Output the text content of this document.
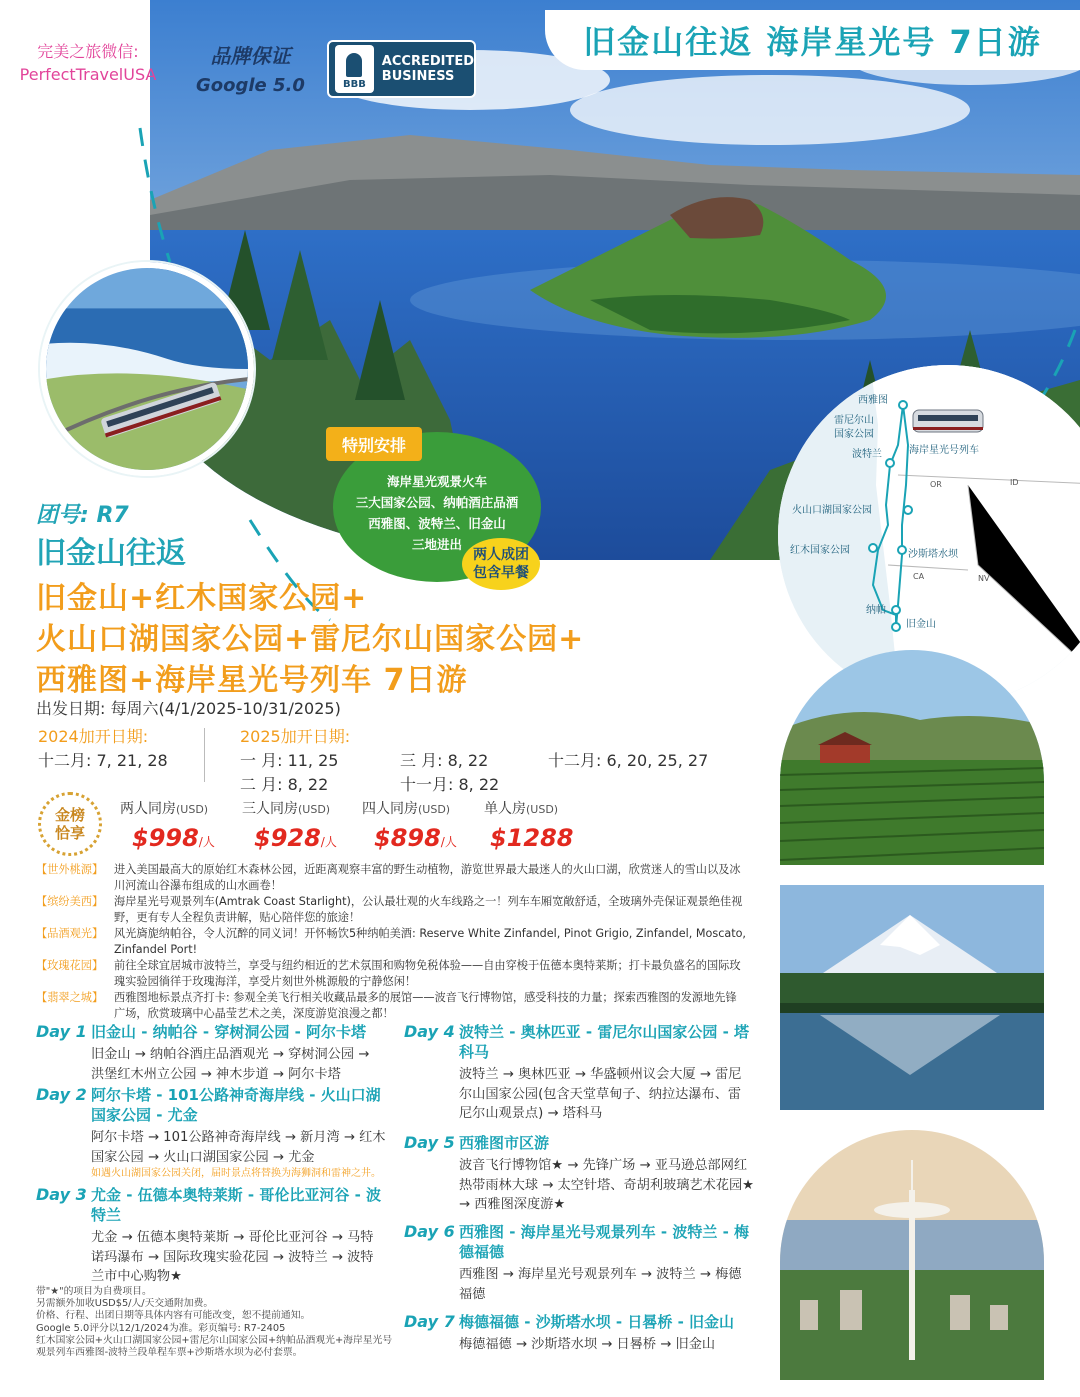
旧金山往返 海岸星光号 7日游
完美之旅微信:
PerfectTravelUSA
品牌保证
Google 5.0	BBB
ACCREDITED
BUSINESS
特别安排
海岸星光观景火车
三大国家公园、纳帕酒庄品酒
西雅图、波特兰、旧金山
三地进出
两人成团
包含早餐
OR	ID
CA	NV
西雅图
雷尼尔山
国家公园
波特兰	海岸星光号列车
火山口湖国家公园
红木国家公园	沙斯塔水坝
纳帕
旧金山
团号: R7
旧金山往返
旧金山+红木国家公园+
火山口湖国家公园+雷尼尔山国家公园+
西雅图+海岸星光号列车 7日游
出发日期: 每周六(4/1/2025-10/31/2025)
2024加开日期:
十二月: 7, 21, 28
2025加开日期:
一 月: 11, 25	三 月: 8, 22	十二月: 6, 20, 25, 27
二 月: 8, 22	十一月: 8, 22
金榜
恰享
两人同房(USD)
$998/人
三人同房(USD)
$928/人
四人同房(USD)
$898/人
单人房(USD)
$1288
【世外桃源】 进入美国最高大的原始红木森林公园，近距离观察丰富的野生动植物，游览世界最大最迷人的火山口湖，欣赏迷人的雪山以及冰川河流山谷瀑布组成的山水画卷！
【缤纷美西】 海岸星光号观景列车(Amtrak Coast Starlight)，公认最壮观的火车线路之一！列车车厢宽敞舒适，全玻璃外壳保证观景绝佳视野，更有专人全程负责讲解，贴心陪伴您的旅途！
【品酒观光】 风光旖旎纳帕谷，令人沉醉的同义词！开怀畅饮5种纳帕美酒: Reserve White Zinfandel, Pinot Grigio, Zinfandel, Moscato, Zinfandel Port!
【玫瑰花园】 前往全球宜居城市波特兰，享受与纽约相近的艺术氛围和购物免税体验——自由穿梭于伍德本奥特莱斯；打卡最负盛名的国际玫瑰实验园徜徉于玫瑰海洋，享受片刻世外桃源般的宁静悠闲！
【翡翠之城】 西雅图地标景点齐打卡: 参观全美飞行相关收藏品最多的展馆——波音飞行博物馆，感受科技的力量；探索西雅图的发源地先锋广场，欣赏玻璃中心晶莹艺术之美，深度游览浪漫之都！
Day 1 旧金山 - 纳帕谷 - 穿树洞公园 - 阿尔卡塔
旧金山 → 纳帕谷酒庄品酒观光 → 穿树洞公园 → 洪堡红木州立公园 → 神木步道 → 阿尔卡塔
Day 2 阿尔卡塔 - 101公路神奇海岸线 - 火山口湖国家公园 - 尤金
阿尔卡塔 → 101公路神奇海岸线 → 新月湾 → 红木国家公园 → 火山口湖国家公园 → 尤金
如遇火山湖国家公园关闭，届时景点将替换为海狮洞和雷神之井。
Day 3 尤金 - 伍德本奥特莱斯 - 哥伦比亚河谷 - 波特兰
尤金 → 伍德本奥特莱斯 → 哥伦比亚河谷 → 马特诺玛瀑布 → 国际玫瑰实验花园 → 波特兰 → 波特兰市中心购物★
Day 4 波特兰 - 奥林匹亚 - 雷尼尔山国家公园 - 塔科马
波特兰 → 奥林匹亚 → 华盛顿州议会大厦 → 雷尼尔山国家公园(包含天堂草甸子、纳拉达瀑布、雷尼尔山观景点) → 塔科马
Day 5 西雅图市区游
波音飞行博物馆★ → 先锋广场 → 亚马逊总部网红热带雨林大球 → 太空针塔、奇胡利玻璃艺术花园★ → 西雅图深度游★
Day 6 西雅图 - 海岸星光号观景列车 - 波特兰 - 梅德福德
西雅图 → 海岸星光号观景列车 → 波特兰 → 梅德福德
Day 7 梅德福德 - 沙斯塔水坝 - 日晷桥 - 旧金山
梅德福德 → 沙斯塔水坝 → 日晷桥 → 旧金山
带"★"的项目为自费项目。
另需额外加收USD$5/人/天交通附加费。
价格、行程、出团日期等具体内容有可能改变，恕不提前通知。
Google 5.0评分以12/1/2024为准。彩页编号: R7-2405
红木国家公园+火山口湖国家公园+雷尼尔山国家公园+纳帕品酒观光+海岸星光号观景列车西雅图-波特兰段单程车票+沙斯塔水坝为必付套票。
